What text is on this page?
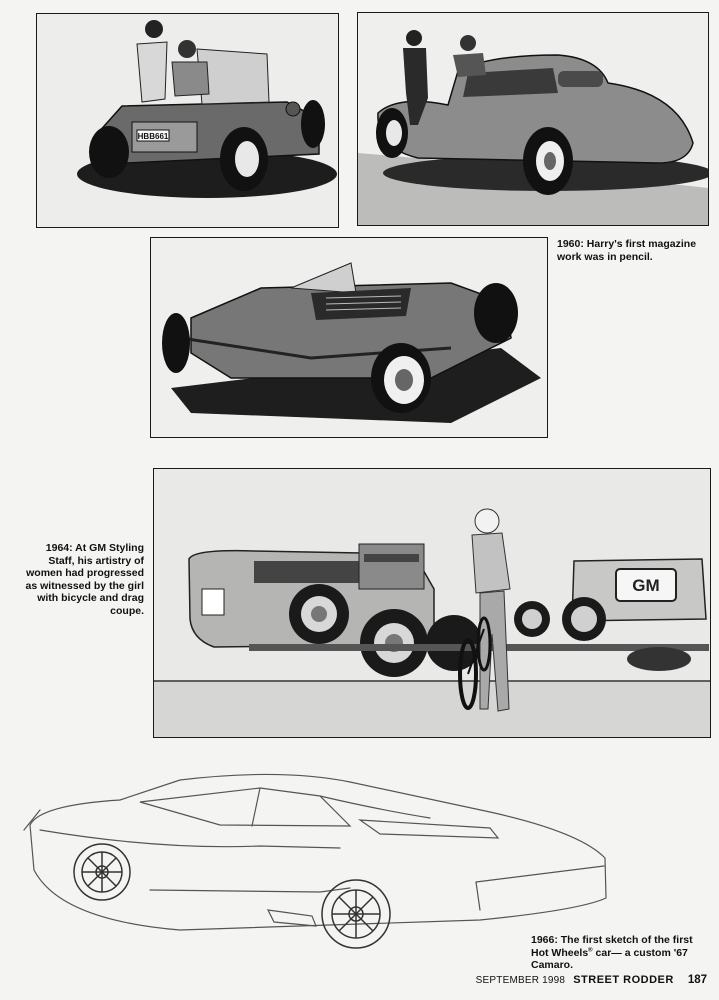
HBB661
1960: Harry's first magazine work was in pencil.
1964: At GM Styling Staff, his artistry of women had progressed as witnessed by the girl with bicycle and drag coupe.
GM
1966: The first sketch of the first Hot Wheels® car— a custom '67 Camaro.
SEPTEMBER 1998 STREET RODDER 187
